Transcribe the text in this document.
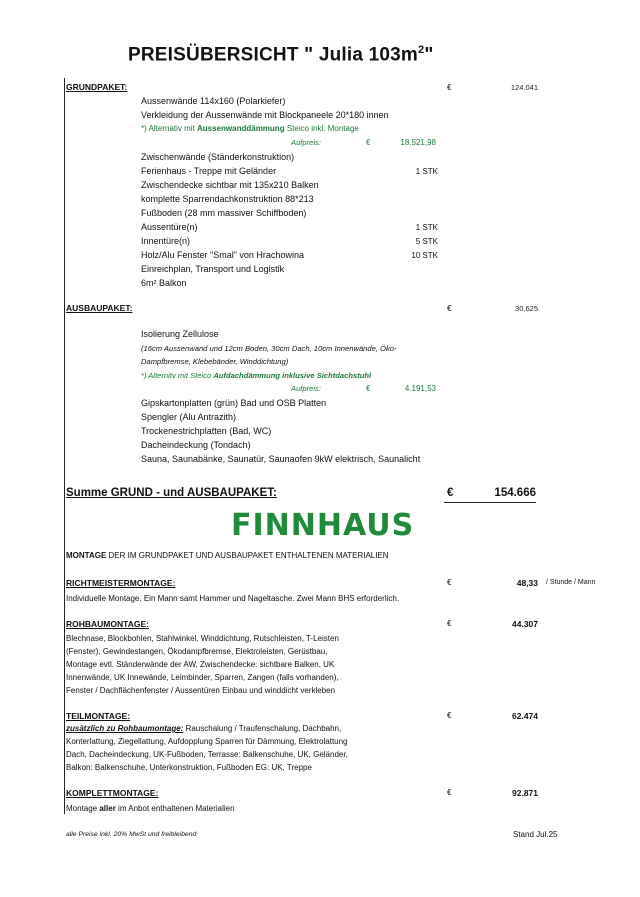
PREISÜBERSICHT " Julia $103m^2$"
GRUNDPAKET:	€	124.041
Aussenwände 114x160 (Polarkiefer)
Verkleidung der Aussenwände mit Blockpaneele 20*180 innen
*) Alternativ mit Aussenwanddämmung Steico inkl. Montage
Aufpreis:	€	18.521,98
Zwischenwände (Ständerkonstruktion)
Ferienhaus - Treppe mit Geländer	1 STK
Zwischendecke sichtbar mit 135x210 Balken
komplette Sparrendachkonstruktion 88*213
Fußboden (28 mm massiver Schiffboden)
Aussentüre(n)	1 STK
Innentüre(n)	5 STK
Holz/Alu Fenster "Smal" von Hrachowina	10 STK
Einreichplan, Transport und Logistik
6m² Balkon
AUSBAUPAKET:	€	30.625
Isolierung Zellulose
(16cm Aussenwand und 12cm Boden, 30cm Dach, 10cm Innenwände, Öko-
Dampfbremse, Klebebänder, Winddichtung)
*) Alternitv mit Steico Aufdachdämmung inklusive Sichtdachstuhl
Aufpreis:	€	4.191,53
Gipskartonplatten (grün) Bad und OSB Platten
Spengler (Alu Antrazith)
Trockenestrichplatten (Bad, WC)
Dacheindeckung (Tondach)
Sauna, Saunabänke, Saunatür, Saunaofen 9kW elektrisch, Saunalicht
Summe GRUND - und AUSBAUPAKET:	€	154.666
FINNHAUS
MONTAGE DER IM GRUNDPAKET UND AUSBAUPAKET ENTHALTENEN MATERIALIEN
RICHTMEISTERMONTAGE:	€	48,33 / Stunde / Mann
Individuelle Montage. Ein Mann samt Hammer und Nageltasche. Zwei Mann BHS erforderlich.
ROHBAUMONTAGE:	€	44.307
Blechnase, Blockbohlen, Stahlwinkel, Winddichtung, Rutschleisten, T-Leisten
(Fenster), Gewindestangen, Ökodampfbremse, Elektroleisten, Gerüstbau,
Montage evtl. Ständerwände der AW, Zwischendecke: sichtbare Balken, UK
Innenwände, UK Innewände, Leimbinder, Sparren, Zangen (falls vorhanden),
Fenster / Dachflächenfenster / Aussentüren Einbau und winddicht verkleben
TEILMONTAGE:	€	62.474
zusätzlich zu Rohbaumontage: Rauschalung / Traufenschalung, Dachbahn,
Konterlattung, Ziegellattung, Aufdopplung Sparren für Dämmung, Elektrolattung
Dach, Dacheindeckung, UK-Fußboden, Terrasse: Balkenschuhe, UK, Geländer,
Balkon: Balkenschuhe, Unterkonstruktion, Fußboden EG: UK, Treppe
KOMPLETTMONTAGE:	€	92.871
Montage aller im Anbot enthaltenen Materialien
alle Preise inkl. 20% MwSt und freibleibend	Stand Jul.25
